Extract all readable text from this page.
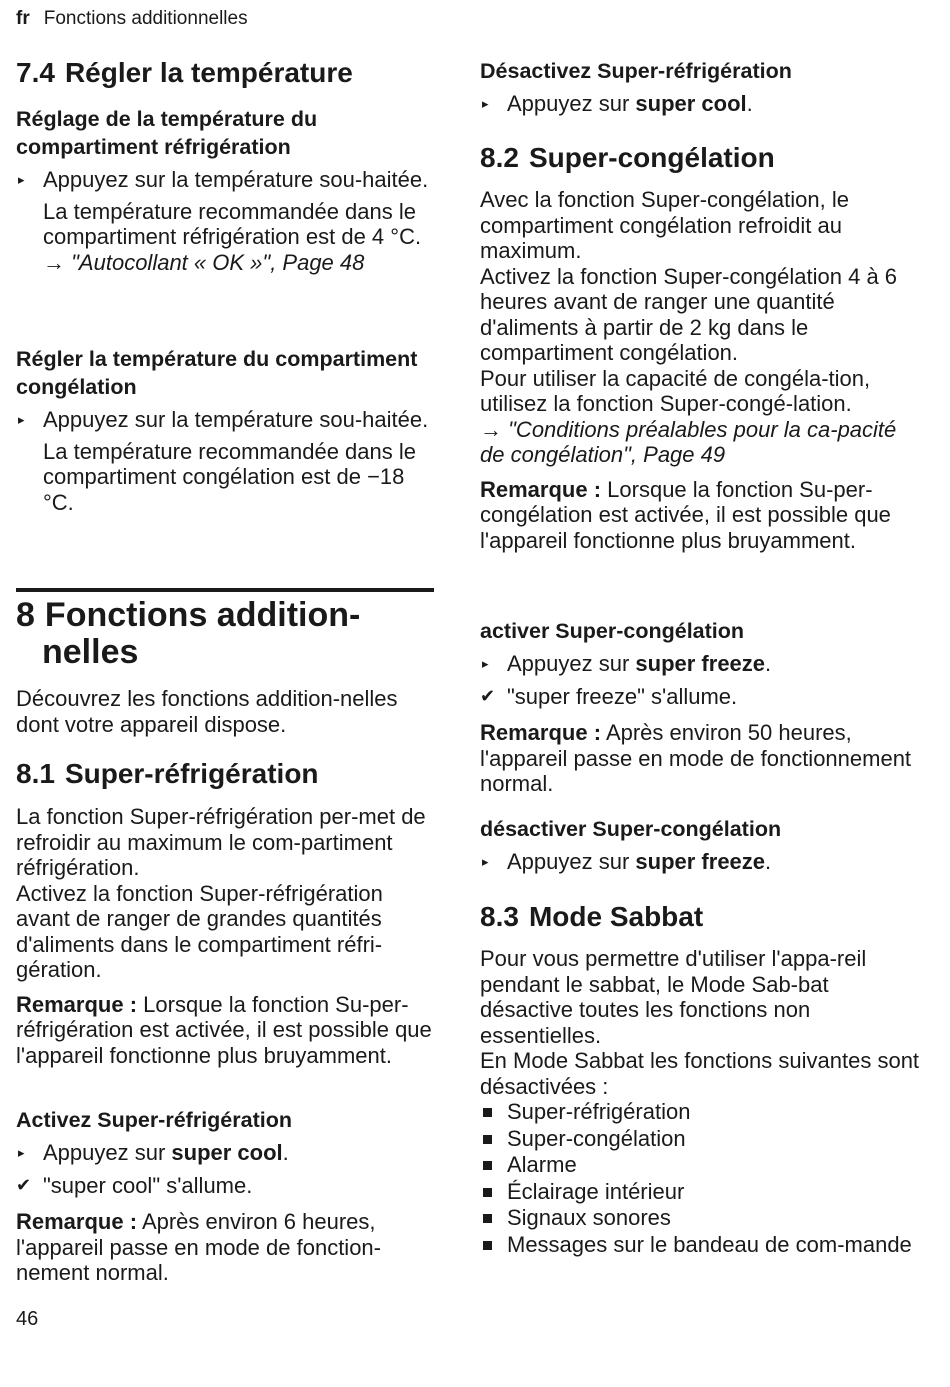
fr Fonctions additionnelles

7.4 Régler la température

Réglage de la température du compartiment réfrigération

▸ Appuyez sur la température sou-haitée.

La température recommandée dans le compartiment réfrigération est de 4 °C.

→ "Autocollant « OK »", Page 48

Régler la température du compartiment congélation

▸ Appuyez sur la température sou-haitée.

La température recommandée dans le compartiment congélation est de −18 °C.

8 Fonctions addition-
nelles

Découvrez les fonctions addition-nelles dont votre appareil dispose.

8.1 Super-réfrigération

La fonction Super-réfrigération per-met de refroidir au maximum le com-partiment réfrigération.

Activez la fonction Super-réfrigération avant de ranger de grandes quantités d'aliments dans le compartiment réfri-gération.

Remarque : Lorsque la fonction Su-per-réfrigération est activée, il est possible que l'appareil fonctionne plus bruyamment.

Activez Super-réfrigération

▸ Appuyez sur super cool.
✔ "super cool" s'allume.

Remarque : Après environ 6 heures, l'appareil passe en mode de fonction-nement normal.

46

Désactivez Super-réfrigération

▸ Appuyez sur super cool.

8.2 Super-congélation

Avec la fonction Super-congélation, le compartiment congélation refroidit au maximum.

Activez la fonction Super-congélation 4 à 6 heures avant de ranger une quantité d'aliments à partir de 2 kg dans le compartiment congélation.

Pour utiliser la capacité de congéla-tion, utilisez la fonction Super-congé-lation.

→ "Conditions préalables pour la ca-pacité de congélation", Page 49

Remarque : Lorsque la fonction Su-per-congélation est activée, il est possible que l'appareil fonctionne plus bruyamment.

activer Super-congélation

▸ Appuyez sur super freeze.
✔ "super freeze" s'allume.

Remarque : Après environ 50 heures, l'appareil passe en mode de fonctionnement normal.

désactiver Super-congélation

▸ Appuyez sur super freeze.

8.3 Mode Sabbat

Pour vous permettre d'utiliser l'appa-reil pendant le sabbat, le Mode Sab-bat désactive toutes les fonctions non essentielles.

En Mode Sabbat les fonctions suivantes sont désactivées :

Super-réfrigération
Super-congélation
Alarme
Éclairage intérieur
Signaux sonores
Messages sur le bandeau de com-mande
